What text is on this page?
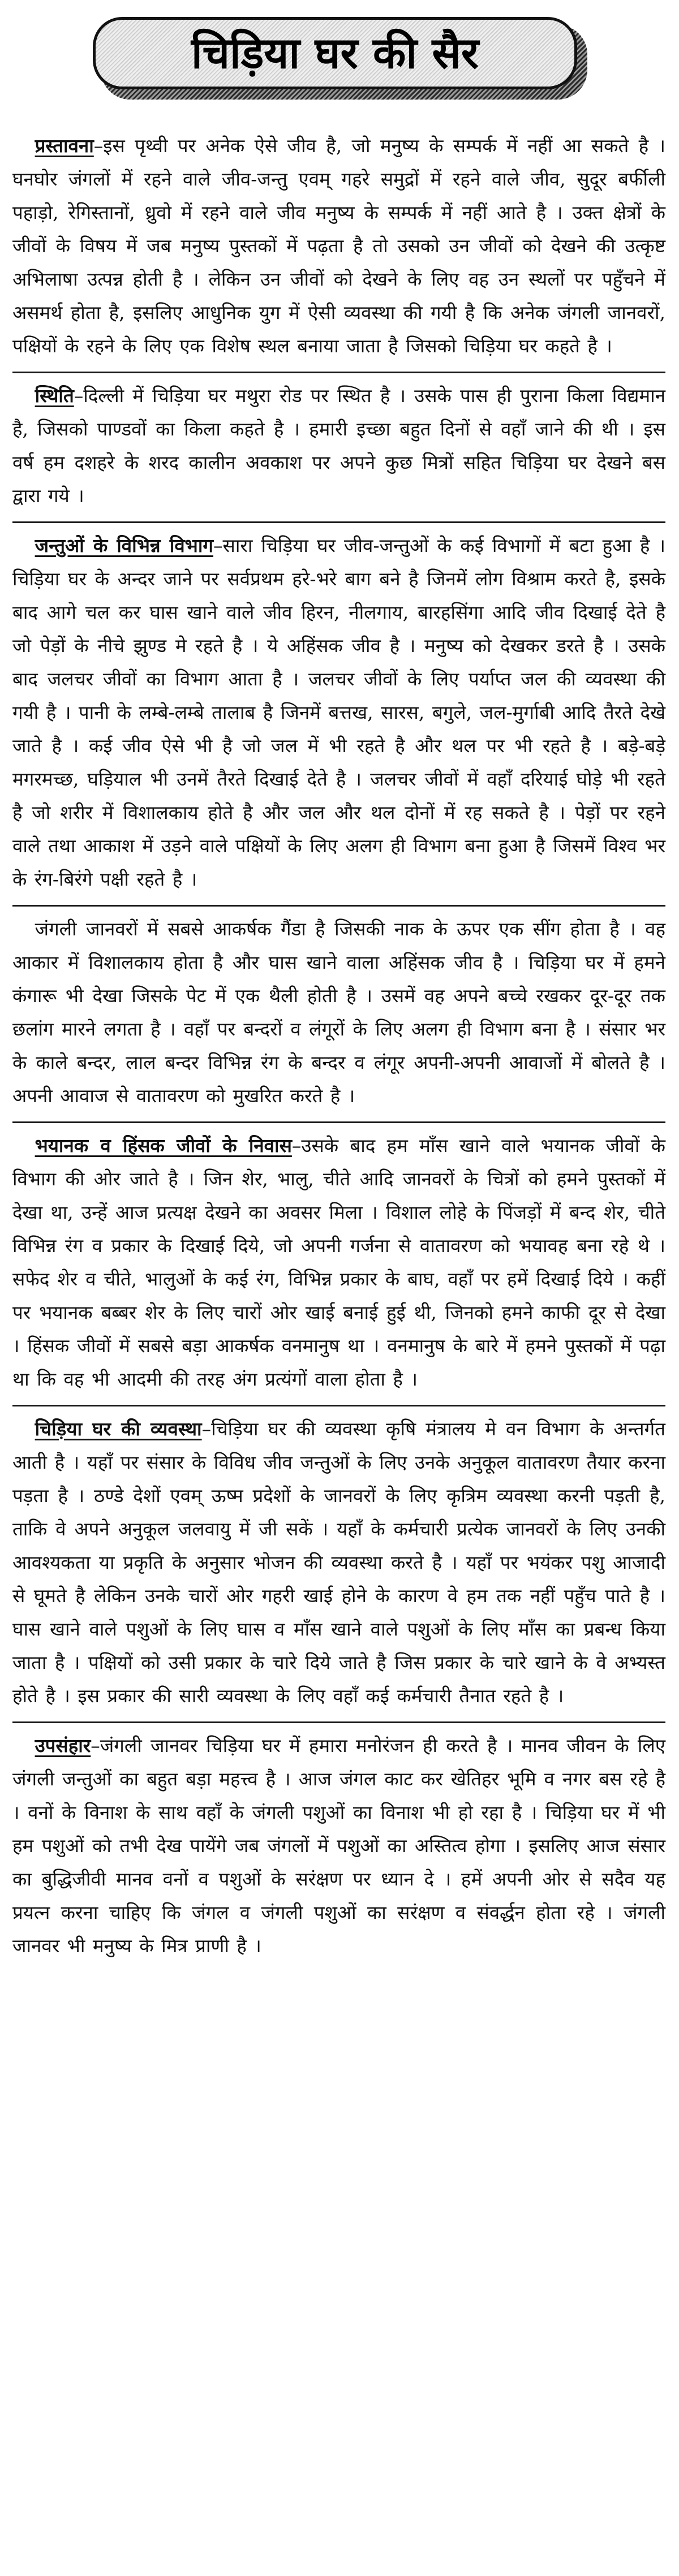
चिड़िया घर की सैर

प्रस्तावना–इस पृथ्वी पर अनेक ऐसे जीव है, जो मनुष्य के सम्पर्क में नहीं आ सकते है । घनघोर जंगलों में रहने वाले जीव-जन्तु एवम् गहरे समुद्रों में रहने वाले जीव, सुदूर बर्फीली पहाड़ो, रेगिस्तानों, ध्रुवो में रहने वाले जीव मनुष्य के सम्पर्क में नहीं आते है । उक्त क्षेत्रों के जीवों के विषय में जब मनुष्य पुस्तकों में पढ़ता है तो उसको उन जीवों को देखने की उत्कृष्ट अभिलाषा उत्पन्न होती है । लेकिन उन जीवों को देखने के लिए वह उन स्थलों पर पहुँचने में असमर्थ होता है, इसलिए आधुनिक युग में ऐसी व्यवस्था की गयी है कि अनेक जंगली जानवरों, पक्षियों के रहने के लिए एक विशेष स्थल बनाया जाता है जिसको चिड़िया घर कहते है ।

स्थिति–दिल्ली में चिड़िया घर मथुरा रोड पर स्थित है । उसके पास ही पुराना किला विद्यमान है, जिसको पाण्डवों का किला कहते है । हमारी इच्छा बहुत दिनों से वहाँ जाने की थी । इस वर्ष हम दशहरे के शरद कालीन अवकाश पर अपने कुछ मित्रों सहित चिड़िया घर देखने बस द्वारा गये ।

जन्तुओं के विभिन्न विभाग–सारा चिड़िया घर जीव-जन्तुओं के कई विभागों में बटा हुआ है । चिड़िया घर के अन्दर जाने पर सर्वप्रथम हरे-भरे बाग बने है जिनमें लोग विश्राम करते है, इसके बाद आगे चल कर घास खाने वाले जीव हिरन, नीलगाय, बारहसिंगा आदि जीव दिखाई देते है जो पेड़ों के नीचे झुण्ड मे रहते है । ये अहिंसक जीव है । मनुष्य को देखकर डरते है । उसके बाद जलचर जीवों का विभाग आता है । जलचर जीवों के लिए पर्याप्त जल की व्यवस्था की गयी है । पानी के लम्बे-लम्बे तालाब है जिनमें बत्तख, सारस, बगुले, जल-मुर्गाबी आदि तैरते देखे जाते है । कई जीव ऐसे भी है जो जल में भी रहते है और थल पर भी रहते है । बड़े-बड़े मगरमच्छ, घड़ियाल भी उनमें तैरते दिखाई देते है । जलचर जीवों में वहाँ दरियाई घोड़े भी रहते है जो शरीर में विशालकाय होते है और जल और थल दोनों में रह सकते है । पेड़ों पर रहने वाले तथा आकाश में उड़ने वाले पक्षियों के लिए अलग ही विभाग बना हुआ है जिसमें विश्व भर के रंग-बिरंगे पक्षी रहते है ।

जंगली जानवरों में सबसे आकर्षक गैंडा है जिसकी नाक के ऊपर एक सींग होता है । वह आकार में विशालकाय होता है और घास खाने वाला अहिंसक जीव है । चिड़िया घर में हमने कंगारू भी देखा जिसके पेट में एक थैली होती है । उसमें वह अपने बच्चे रखकर दूर-दूर तक छलांग मारने लगता है । वहाँ पर बन्दरों व लंगूरों के लिए अलग ही विभाग बना है । संसार भर के काले बन्दर, लाल बन्दर विभिन्न रंग के बन्दर व लंगूर अपनी-अपनी आवाजों में बोलते है । अपनी आवाज से वातावरण को मुखरित करते है ।

भयानक व हिंसक जीवों के निवास–उसके बाद हम माँस खाने वाले भयानक जीवों के विभाग की ओर जाते है । जिन शेर, भालु, चीते आदि जानवरों के चित्रों को हमने पुस्तकों में देखा था, उन्हें आज प्रत्यक्ष देखने का अवसर मिला । विशाल लोहे के पिंजड़ों में बन्द शेर, चीते विभिन्न रंग व प्रकार के दिखाई दिये, जो अपनी गर्जना से वातावरण को भयावह बना रहे थे । सफेद शेर व चीते, भालुओं के कई रंग, विभिन्न प्रकार के बाघ, वहाँ पर हमें दिखाई दिये । कहीं पर भयानक बब्बर शेर के लिए चारों ओर खाई बनाई हुई थी, जिनको हमने काफी दूर से देखा । हिंसक जीवों में सबसे बड़ा आकर्षक वनमानुष था । वनमानुष के बारे में हमने पुस्तकों में पढ़ा था कि वह भी आदमी की तरह अंग प्रत्यंगों वाला होता है ।

चिड़िया घर की व्यवस्था–चिड़िया घर की व्यवस्था कृषि मंत्रालय मे वन विभाग के अन्तर्गत आती है । यहाँ पर संसार के विविध जीव जन्तुओं के लिए उनके अनुकूल वातावरण तैयार करना पड़ता है । ठण्डे देशों एवम् ऊष्म प्रदेशों के जानवरों के लिए कृत्रिम व्यवस्था करनी पड़ती है, ताकि वे अपने अनुकूल जलवायु में जी सकें । यहाँ के कर्मचारी प्रत्येक जानवरों के लिए उनकी आवश्यकता या प्रकृति के अनुसार भोजन की व्यवस्था करते है । यहाँ पर भयंकर पशु आजादी से घूमते है लेकिन उनके चारों ओर गहरी खाई होने के कारण वे हम तक नहीं पहुँच पाते है । घास खाने वाले पशुओं के लिए घास व माँस खाने वाले पशुओं के लिए माँस का प्रबन्ध किया जाता है । पक्षियों को उसी प्रकार के चारे दिये जाते है जिस प्रकार के चारे खाने के वे अभ्यस्त होते है । इस प्रकार की सारी व्यवस्था के लिए वहाँ कई कर्मचारी तैनात रहते है ।

उपसंहार–जंगली जानवर चिड़िया घर में हमारा मनोरंजन ही करते है । मानव जीवन के लिए जंगली जन्तुओं का बहुत बड़ा महत्त्व है । आज जंगल काट कर खेतिहर भूमि व नगर बस रहे है । वनों के विनाश के साथ वहाँ के जंगली पशुओं का विनाश भी हो रहा है । चिड़िया घर में भी हम पशुओं को तभी देख पायेंगे जब जंगलों में पशुओं का अस्तित्व होगा । इसलिए आज संसार का बुद्धिजीवी मानव वनों व पशुओं के सरंक्षण पर ध्यान दे । हमें अपनी ओर से सदैव यह प्रयत्न करना चाहिए कि जंगल व जंगली पशुओं का सरंक्षण व संवर्द्धन होता रहे । जंगली जानवर भी मनुष्य के मित्र प्राणी है ।
